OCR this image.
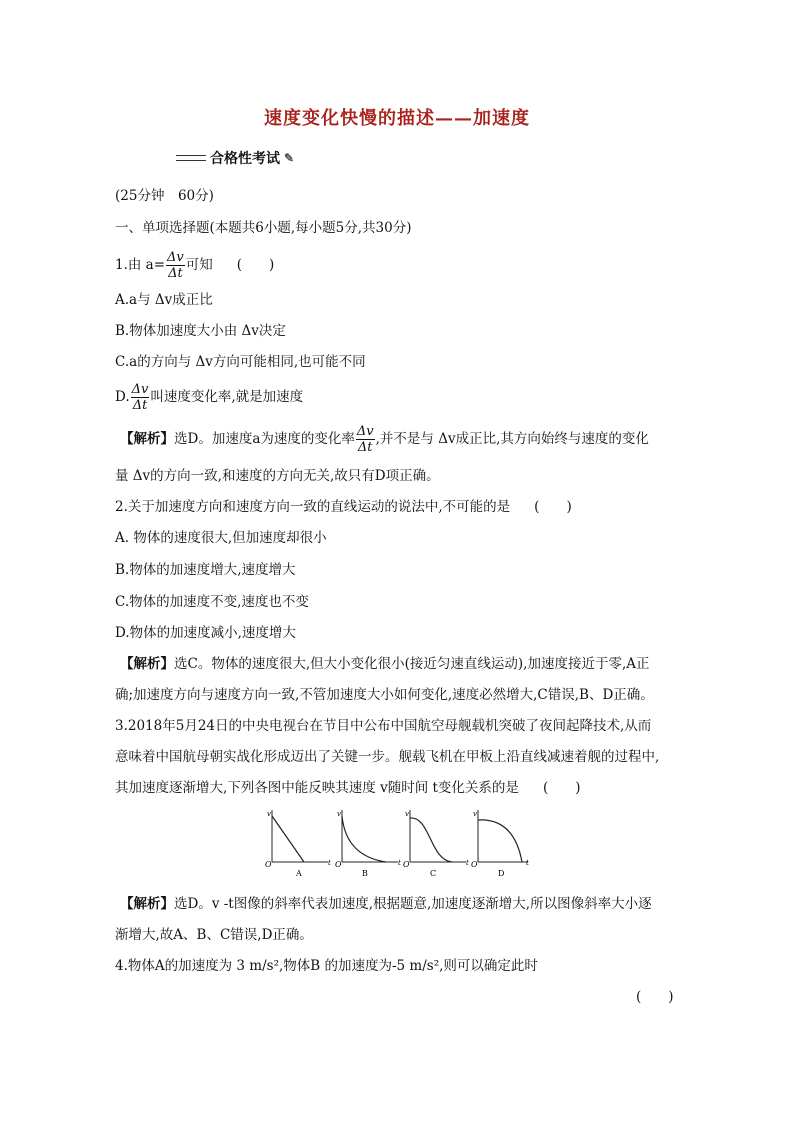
速度变化快慢的描述——加速度
合格性考试 ✎
(25分钟　60分)
一、单项选择题(本题共6小题,每小题5分,共30分)
1.由 $a= \frac{\Delta v}{\Delta t}$ 可知 (　　)
A.a与 Δv成正比
B.物体加速度大小由 Δv决定
C.a的方向与 Δv方向可能相同,也可能不同
D. $\frac{\Delta v}{\Delta t}$ 叫速度变化率,就是加速度
【解析】选D。加速度a为速度的变化率 $\frac{\Delta v}{\Delta t}$ ,并不是与 Δv成正比,其方向始终与速度的变化
量 Δv的方向一致,和速度的方向无关,故只有D项正确。
2.关于加速度方向和速度方向一致的直线运动的说法中,不可能的是 (　　)
A. 物体的速度很大,但加速度却很小
B.物体的加速度增大,速度增大
C.物体的加速度不变,速度也不变
D.物体的加速度减小,速度增大
【解析】选C。物体的速度很大,但大小变化很小(接近匀速直线运动),加速度接近于零,A正
确;加速度方向与速度方向一致,不管加速度大小如何变化,速度必然增大,C错误,B、D正确。
3.2018年5月24日的中央电视台在节目中公布中国航空母舰载机突破了夜间起降技术,从而
意味着中国航母朝实战化形成迈出了关键一步。舰载飞机在甲板上沿直线减速着舰的过程中,
其加速度逐渐增大,下列各图中能反映其速度 v随时间 t变化关系的是 (　　)
v
t
O
A
v
t
O
B
v
t
O
C
v
t
O
D
【解析】选D。v -t图像的斜率代表加速度,根据题意,加速度逐渐增大,所以图像斜率大小逐
渐增大,故A、B、C错误,D正确。
4.物体A的加速度为 3 m/s²,物体B 的加速度为-5 m/s²,则可以确定此时
(　　)
